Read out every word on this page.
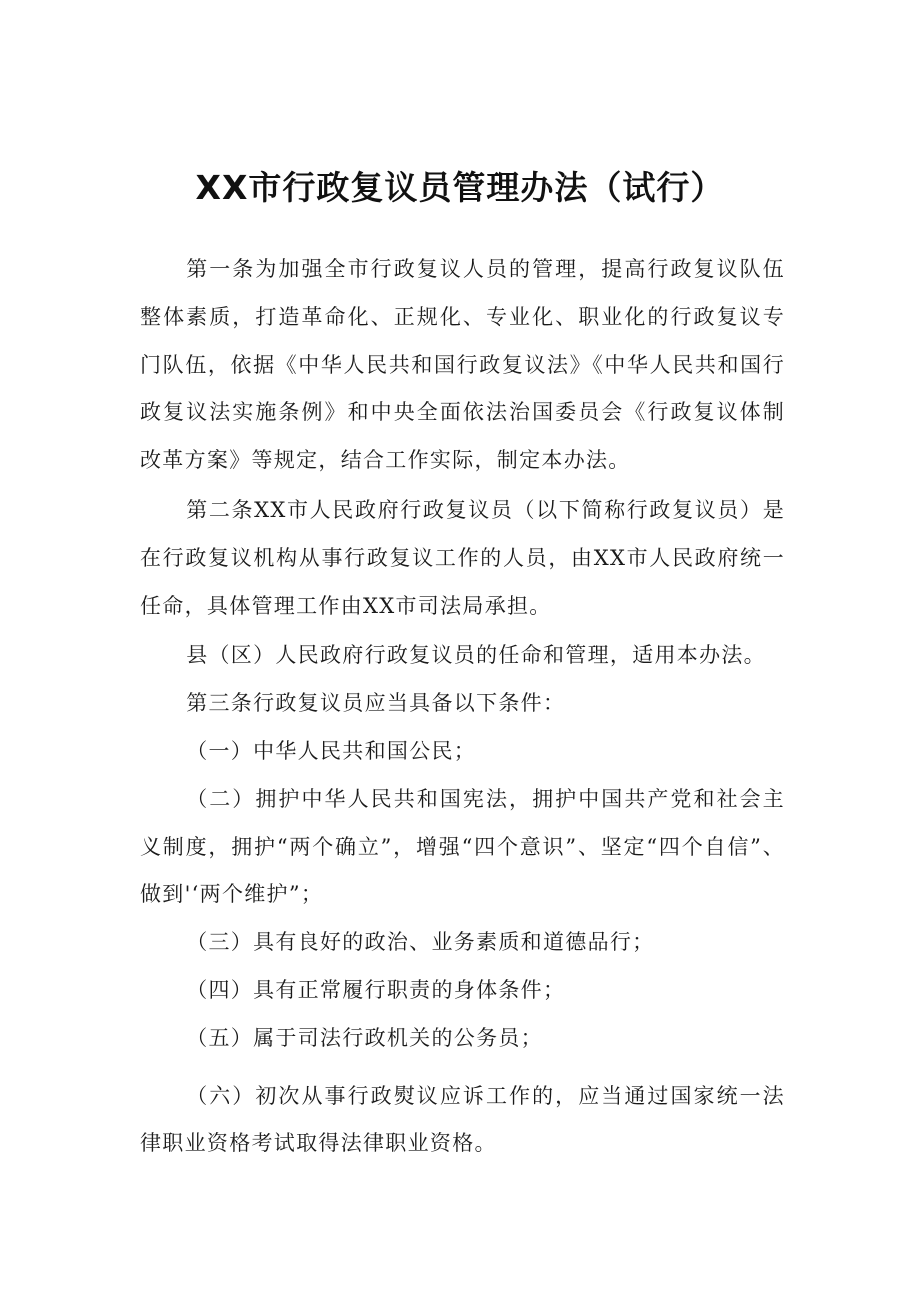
XX市行政复议员管理办法（试行）

第一条为加强全市行政复议人员的管理，提高行政复议队伍整体素质，打造革命化、正规化、专业化、职业化的行政复议专门队伍，依据《中华人民共和国行政复议法》《中华人民共和国行政复议法实施条例》和中央全面依法治国委员会《行政复议体制改革方案》等规定，结合工作实际，制定本办法。

第二条XX市人民政府行政复议员（以下简称行政复议员）是在行政复议机构从事行政复议工作的人员，由XX市人民政府统一任命，具体管理工作由XX市司法局承担。

县（区）人民政府行政复议员的任命和管理，适用本办法。

第三条行政复议员应当具备以下条件：

（一）中华人民共和国公民；

（二）拥护中华人民共和国宪法，拥护中国共产党和社会主义制度，拥护“两个确立”，增强“四个意识”、坚定“四个自信”、做到'‘两个维护”；

（三）具有良好的政治、业务素质和道德品行；

（四）具有正常履行职责的身体条件；

（五）属于司法行政机关的公务员；

（六）初次从事行政熨议应诉工作的，应当通过国家统一法律职业资格考试取得法律职业资格。
